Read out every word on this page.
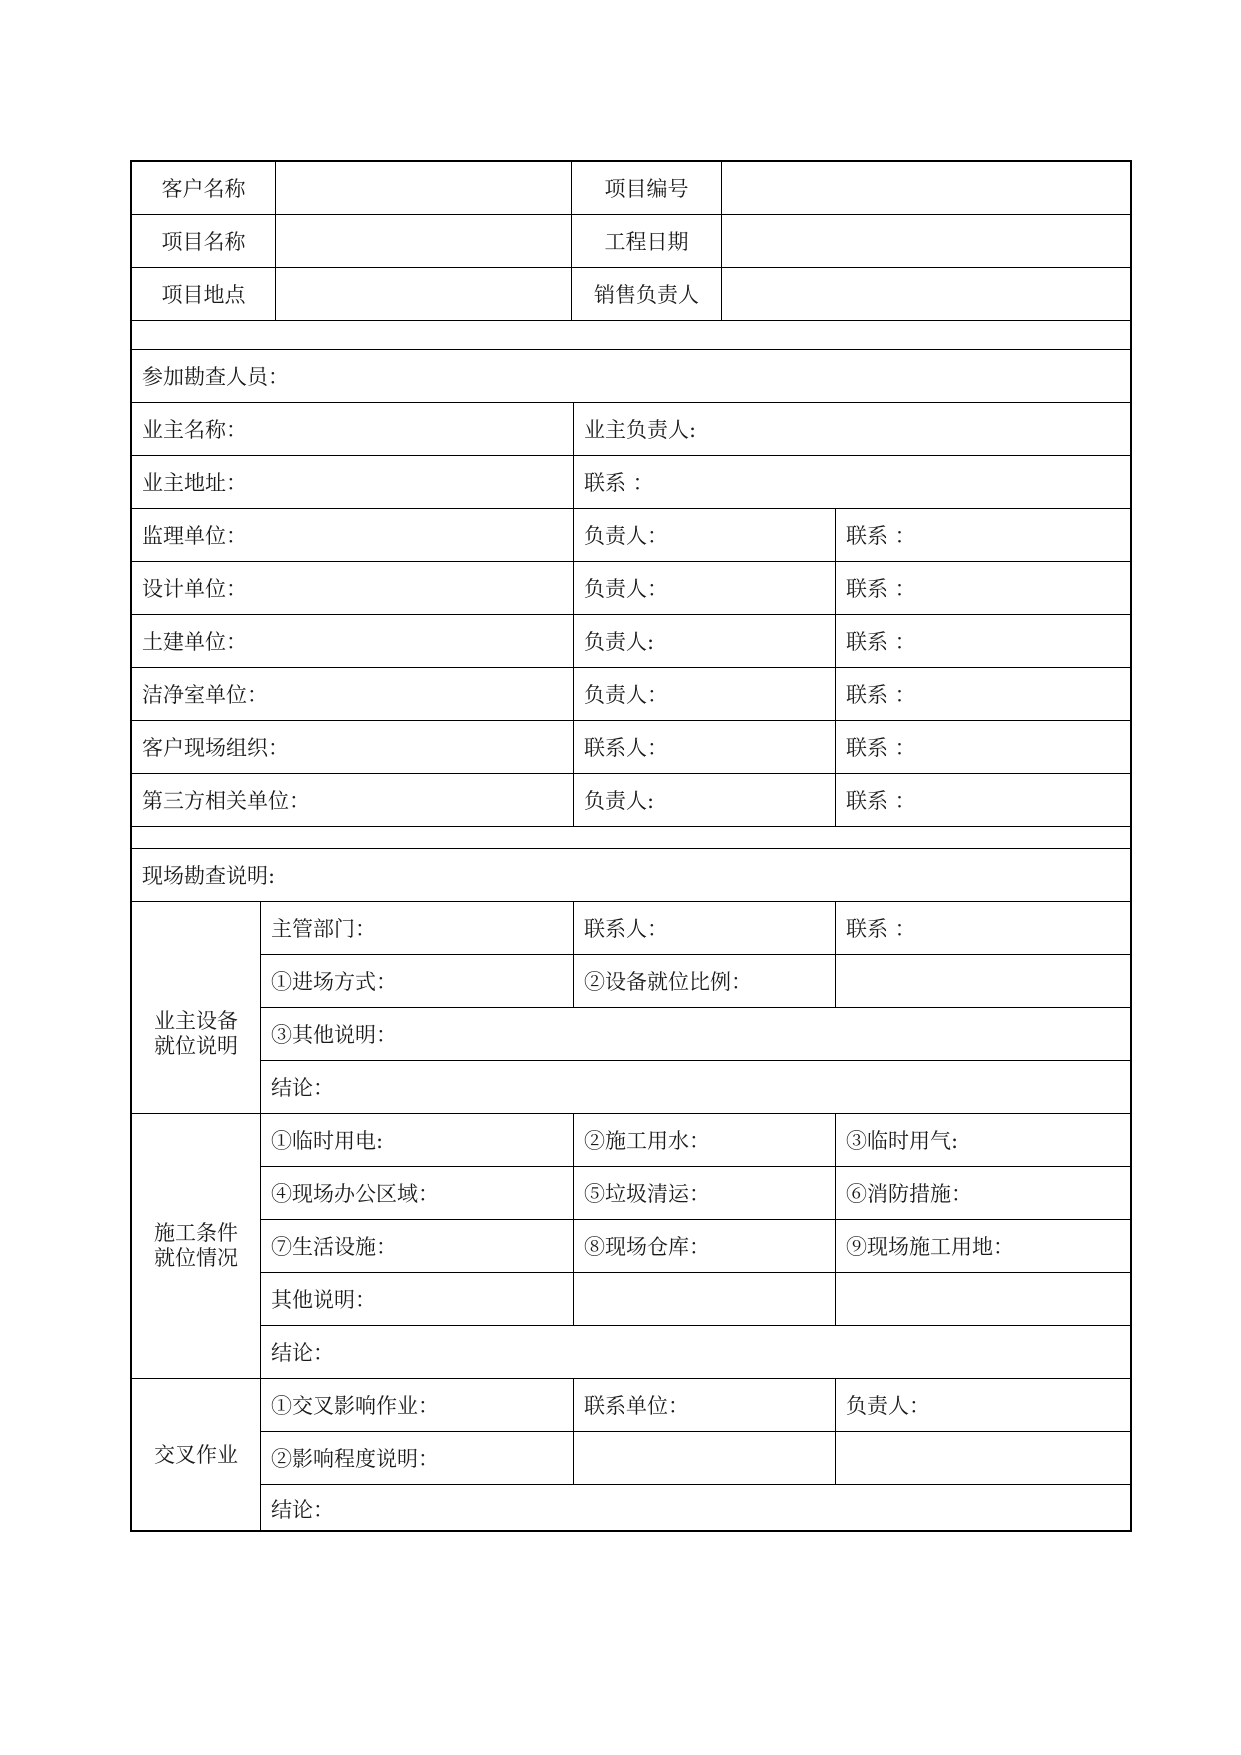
客户名称	项目编号
项目名称	工程日期
项目地点	销售负责人
参加勘查人员：
业主名称：	业主负责人:
业主地址：	联系 ：
监理单位：	负责人：	联系 ：
设计单位：	负责人：	联系 ：
土建单位：	负责人:	联系 ：
洁净室单位：	负责人：	联系 ：
客户现场组织：	联系人：	联系 ：
第三方相关单位：	负责人:	联系 ：
现场勘查说明:
业主设备
就位说明
主管部门：	联系人：	联系 ：
①进场方式：	②设备就位比例：
③其他说明：
结论：
施工条件
就位情况
①临时用电:	②施工用水：	③临时用气:
④现场办公区域：	⑤垃圾清运：	⑥消防措施：
⑦生活设施：	⑧现场仓库：	⑨现场施工用地：
其他说明：
结论：
交叉作业
①交叉影响作业：	联系单位：	负责人：
②影响程度说明：
结论：
